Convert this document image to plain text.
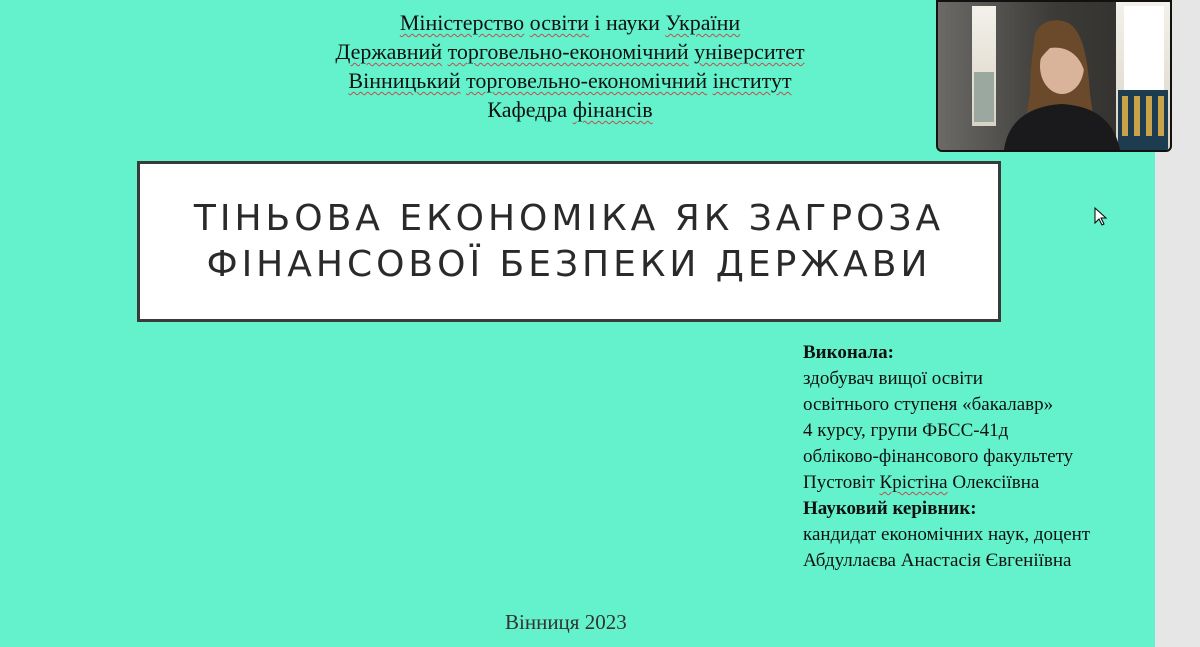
Міністерство освіти і науки України
Державний торговельно-економічний університет
Вінницький торговельно-економічний інститут
Кафедра фінансів
ТІНЬОВА ЕКОНОМІКА ЯК ЗАГРОЗА
ФІНАНСОВОЇ БЕЗПЕКИ ДЕРЖАВИ
Виконала:
здобувач вищої освіти
освітнього ступеня «бакалавр»
4 курсу, групи ФБСС-41д
обліково-фінансового факультету
Пустовіт Крістіна Олексіївна
Науковий керівник:
кандидат економічних наук, доцент
Абдуллаєва Анастасія Євгеніївна
Вінниця 2023
